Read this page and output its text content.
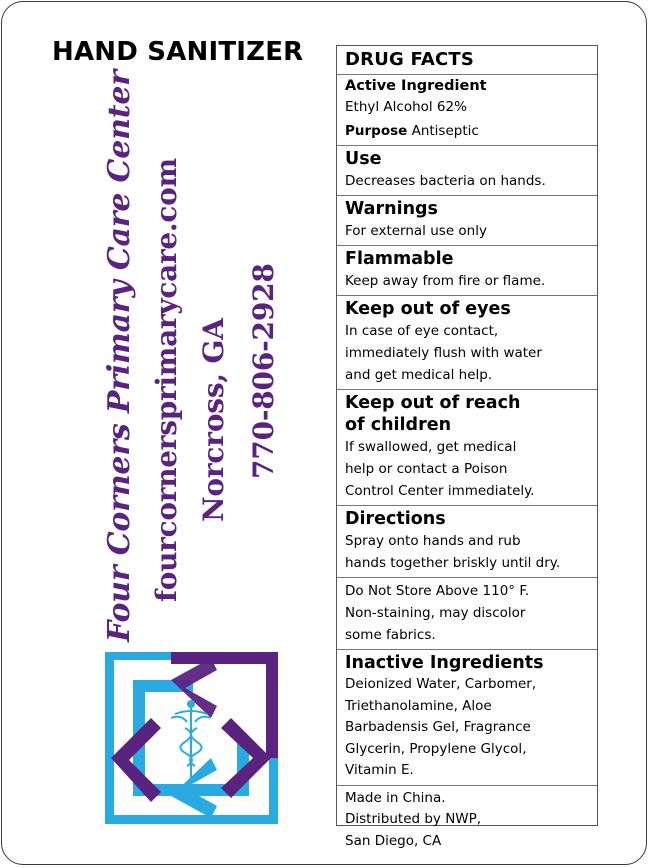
HAND SANITIZER
Four Corners Primary Care Center fourcornersprimarycare.com Norcross, GA 770-806-2928
DRUG FACTS
Active Ingredient
Ethyl Alcohol 62%
Purpose Antiseptic
Use
Decreases bacteria on hands.
Warnings
For external use only
Flammable
Keep away from fire or flame.
Keep out of eyes
In case of eye contact,
immediately flush with water
and get medical help.
Keep out of reach
of children
If swallowed, get medical
help or contact a Poison
Control Center immediately.
Directions
Spray onto hands and rub
hands together briskly until dry.
Do Not Store Above 110° F.
Non-staining, may discolor
some fabrics.
Inactive Ingredients
Deionized Water, Carbomer,
Triethanolamine, Aloe
Barbadensis Gel, Fragrance
Glycerin, Propylene Glycol,
Vitamin E.
Made in China.
Distributed by NWP,
San Diego, CA
